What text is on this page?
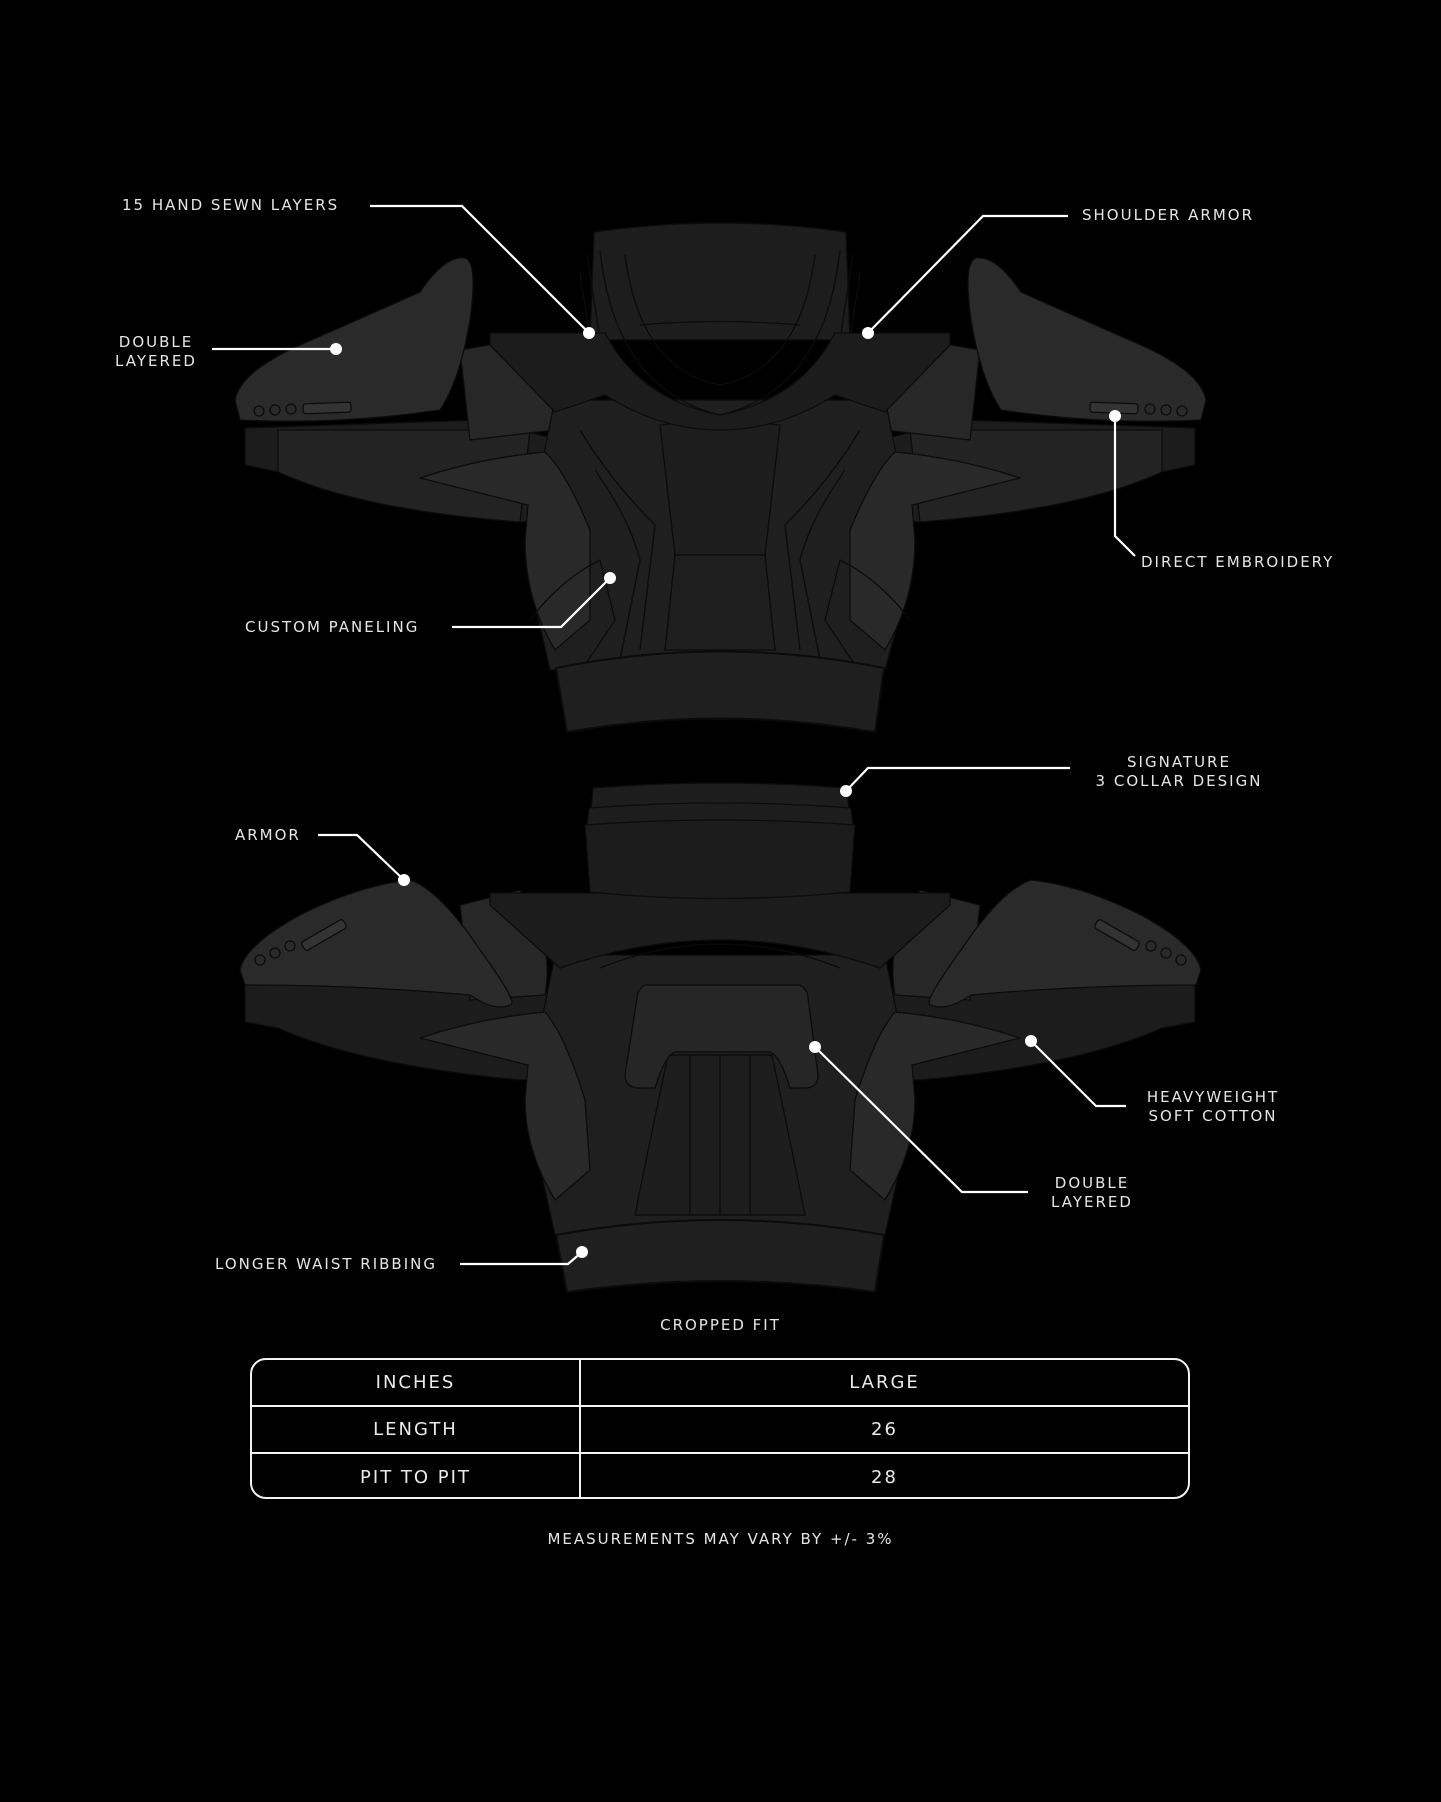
15 HAND SEWN LAYERS
SHOULDER ARMOR
DOUBLE
LAYERED
DIRECT EMBROIDERY
CUSTOM PANELING
SIGNATURE
3 COLLAR DESIGN
ARMOR
HEAVYWEIGHT
SOFT COTTON
DOUBLE
LAYERED
LONGER WAIST RIBBING
CROPPED FIT
INCHES	LARGE
LENGTH	26
PIT TO PIT	28
MEASUREMENTS MAY VARY BY +/- 3%
